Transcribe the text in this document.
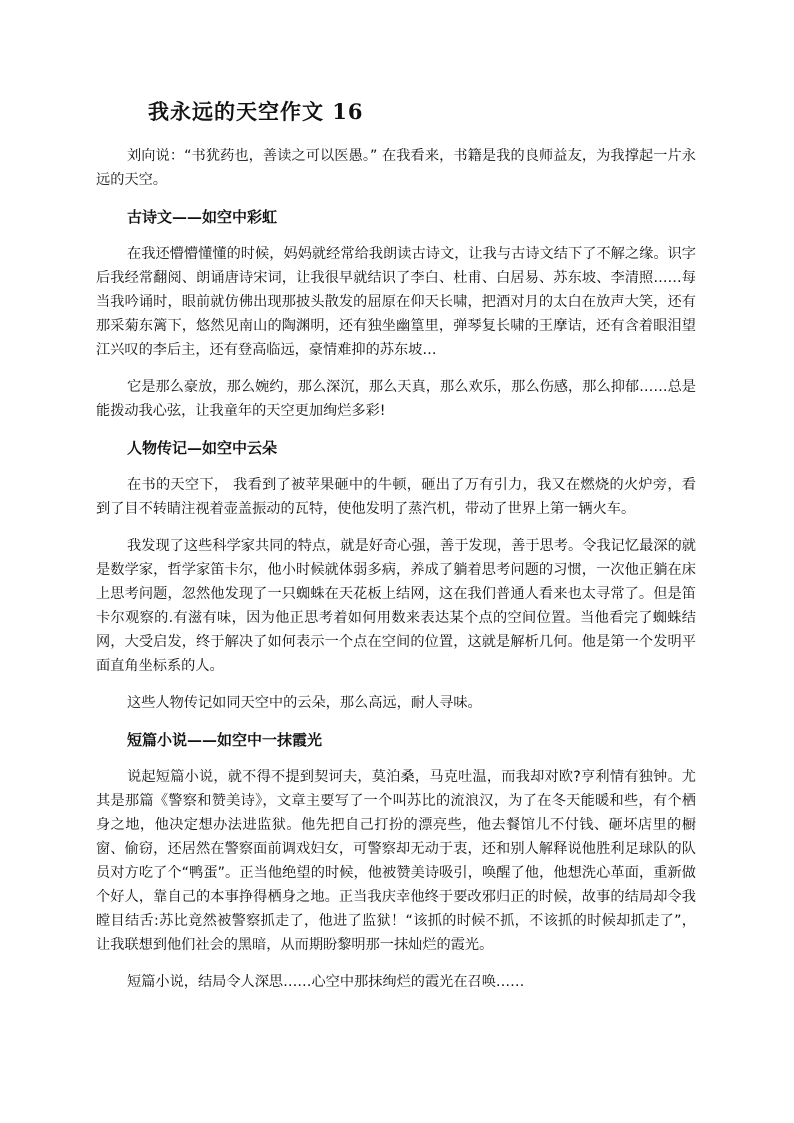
我永远的天空作文 16

刘向说：“书犹药也，善读之可以医愚。” 在我看来，书籍是我的良师益友，为我撑起一片永远的天空。

古诗文——如空中彩虹

在我还懵懵懂懂的时候，妈妈就经常给我朗读古诗文，让我与古诗文结下了不解之缘。识字后我经常翻阅、朗诵唐诗宋词，让我很早就结识了李白、杜甫、白居易、苏东坡、李清照……每当我吟诵时，眼前就仿佛出现那披头散发的屈原在仰天长啸，把酒对月的太白在放声大笑，还有那采菊东篱下，悠然见南山的陶渊明，还有独坐幽篁里，弹琴复长啸的王摩诘，还有含着眼泪望江兴叹的李后主，还有登高临远，豪情难抑的苏东坡…

它是那么豪放，那么婉约，那么深沉，那么天真，那么欢乐，那么伤感，那么抑郁……总是能拨动我心弦，让我童年的天空更加绚烂多彩!

人物传记—如空中云朵

在书的天空下， 我看到了被苹果砸中的牛顿，砸出了万有引力，我又在燃烧的火炉旁，看到了目不转睛注视着壶盖振动的瓦特，使他发明了蒸汽机，带动了世界上第一辆火车。

我发现了这些科学家共同的特点，就是好奇心强，善于发现，善于思考。令我记忆最深的就是数学家，哲学家笛卡尔，他小时候就体弱多病，养成了躺着思考问题的习惯，一次他正躺在床上思考问题，忽然他发现了一只蜘蛛在天花板上结网，这在我们普通人看来也太寻常了。但是笛卡尔观察的.有滋有味，因为他正思考着如何用数来表达某个点的空间位置。当他看完了蜘蛛结网，大受启发，终于解决了如何表示一个点在空间的位置，这就是解析几何。他是第一个发明平面直角坐标系的人。

这些人物传记如同天空中的云朵，那么高远，耐人寻味。

短篇小说——如空中一抹霞光

说起短篇小说，就不得不提到契诃夫，莫泊桑，马克吐温，而我却对欧?亨利情有独钟。尤其是那篇《警察和赞美诗》，文章主要写了一个叫苏比的流浪汉，为了在冬天能暖和些，有个栖身之地，他决定想办法进监狱。他先把自己打扮的漂亮些，他去餐馆儿不付钱、砸坏店里的橱窗、偷窃，还居然在警察面前调戏妇女，可警察却无动于衷，还和别人解释说他胜利足球队的队员对方吃了个“鸭蛋”。正当他绝望的时候，他被赞美诗吸引，唤醒了他，他想洗心革面，重新做个好人，靠自己的本事挣得栖身之地。正当我庆幸他终于要改邪归正的时候，故事的结局却令我瞠目结舌:苏比竟然被警察抓走了，他进了监狱！“该抓的时候不抓，不该抓的时候却抓走了”，让我联想到他们社会的黑暗，从而期盼黎明那一抹灿烂的霞光。

短篇小说，结局令人深思……心空中那抹绚烂的霞光在召唤……
